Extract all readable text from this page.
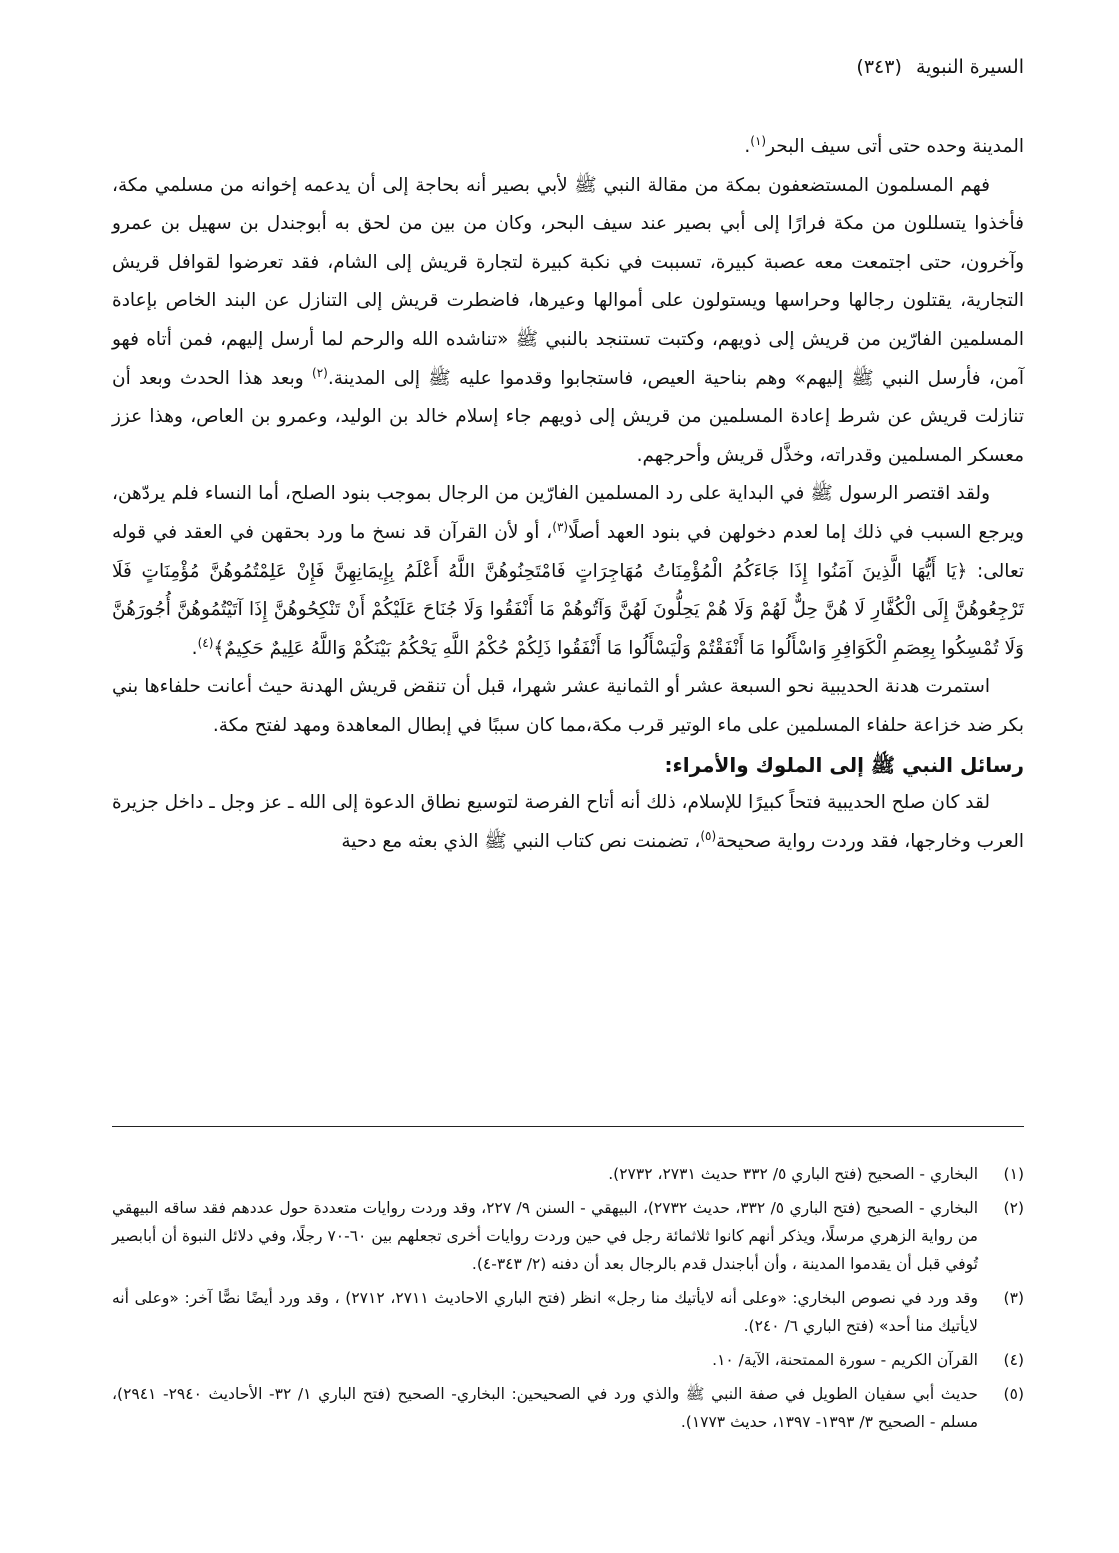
السيرة النبوية (٣٤٣)

المدينة وحده حتى أتى سيف البحر$^{(١)}$.

فهم المسلمون المستضعفون بمكة من مقالة النبي ﷺ لأبي بصير أنه بحاجة إلى أن يدعمه إخوانه من مسلمي مكة، فأخذوا يتسللون من مكة فرارًا إلى أبي بصير عند سيف البحر، وكان من بين من لحق به أبوجندل بن سهيل بن عمرو وآخرون، حتى اجتمعت معه عصبة كبيرة، تسببت في نكبة كبيرة لتجارة قريش إلى الشام، فقد تعرضوا لقوافل قريش التجارية، يقتلون رجالها وحراسها ويستولون على أموالها وعيرها، فاضطرت قريش إلى التنازل عن البند الخاص بإعادة المسلمين الفارّين من قريش إلى ذويهم، وكتبت تستنجد بالنبي ﷺ «تناشده الله والرحم لما أرسل إليهم، فمن أتاه فهو آمن، فأرسل النبي ﷺ إليهم» وهم بناحية العيص، فاستجابوا وقدموا عليه ﷺ إلى المدينة.$^{(٢)}$ وبعد هذا الحدث وبعد أن تنازلت قريش عن شرط إعادة المسلمين من قريش إلى ذويهم جاء إسلام خالد بن الوليد، وعمرو بن العاص، وهذا عزز معسكر المسلمين وقدراته، وخذَّل قريش وأحرجهم.

ولقد اقتصر الرسول ﷺ في البداية على رد المسلمين الفارّين من الرجال بموجب بنود الصلح، أما النساء فلم يردّهن، ويرجع السبب في ذلك إما لعدم دخولهن في بنود العهد أصلًا$^{(٣)}$، أو لأن القرآن قد نسخ ما ورد بحقهن في العقد في قوله تعالى: ﴿يَا أَيُّهَا الَّذِينَ آمَنُوا إِذَا جَاءَكُمُ الْمُؤْمِنَاتُ مُهَاجِرَاتٍ فَامْتَحِنُوهُنَّ اللَّهُ أَعْلَمُ بِإِيمَانِهِنَّ فَإِنْ عَلِمْتُمُوهُنَّ مُؤْمِنَاتٍ فَلَا تَرْجِعُوهُنَّ إِلَى الْكُفَّارِ لَا هُنَّ حِلٌّ لَهُمْ وَلَا هُمْ يَحِلُّونَ لَهُنَّ وَآتُوهُمْ مَا أَنْفَقُوا وَلَا جُنَاحَ عَلَيْكُمْ أَنْ تَنْكِحُوهُنَّ إِذَا آتَيْتُمُوهُنَّ أُجُورَهُنَّ وَلَا تُمْسِكُوا بِعِصَمِ الْكَوَافِرِ وَاسْأَلُوا مَا أَنْفَقْتُمْ وَلْيَسْأَلُوا مَا أَنْفَقُوا ذَلِكُمْ حُكْمُ اللَّهِ يَحْكُمُ بَيْنَكُمْ وَاللَّهُ عَلِيمٌ حَكِيمٌ﴾$^{(٤)}$.

استمرت هدنة الحديبية نحو السبعة عشر أو الثمانية عشر شهرا، قبل أن تنقض قريش الهدنة حيث أعانت حلفاءها بني بكر ضد خزاعة حلفاء المسلمين على ماء الوتير قرب مكة،مما كان سببًا في إبطال المعاهدة ومهد لفتح مكة.

رسائل النبي ﷺ إلى الملوك والأمراء:

لقد كان صلح الحديبية فتحاً كبيرًا للإسلام، ذلك أنه أتاح الفرصة لتوسيع نطاق الدعوة إلى الله ـ عز وجل ـ داخل جزيرة العرب وخارجها، فقد وردت رواية صحيحة$^{(٥)}$، تضمنت نص كتاب النبي ﷺ الذي بعثه مع دحية

(١)
البخاري - الصحيح (فتح الباري ٥/ ٣٣٢ حديث ٢٧٣١، ٢٧٣٢).
(٢)
البخاري - الصحيح (فتح الباري ٥/ ٣٣٢، حديث ٢٧٣٢)، البيهقي - السنن ٩/ ٢٢٧، وقد وردت روايات متعددة حول عددهم فقد ساقه البيهقي من رواية الزهري مرسلًا، ويذكر أنهم كانوا ثلاثمائة رجل في حين وردت روايات أخرى تجعلهم بين ٦٠-٧٠ رجلًا، وفي دلائل النبوة أن أبابصير تُوفي قبل أن يقدموا المدينة ، وأن أباجندل قدم بالرجال بعد أن دفنه (٢/ ٣٤٣-٤).
(٣)
وقد ورد في نصوص البخاري: «وعلى أنه لايأتيك منا رجل» انظر (فتح الباري الاحاديث ٢٧١١، ٢٧١٢) ، وقد ورد أيضًا نصًّا آخر: «وعلى أنه لايأتيك منا أحد» (فتح الباري ٦/ ٢٤٠).
(٤)
القرآن الكريم - سورة الممتحنة، الآية/ ١٠.
(٥)
حديث أبي سفيان الطويل في صفة النبي ﷺ والذي ورد في الصحيحين: البخاري- الصحيح (فتح الباري ١/ ٣٢- الأحاديث ٢٩٤٠- ٢٩٤١)، مسلم - الصحيح ٣/ ١٣٩٣- ١٣٩٧، حديث ١٧٧٣).
